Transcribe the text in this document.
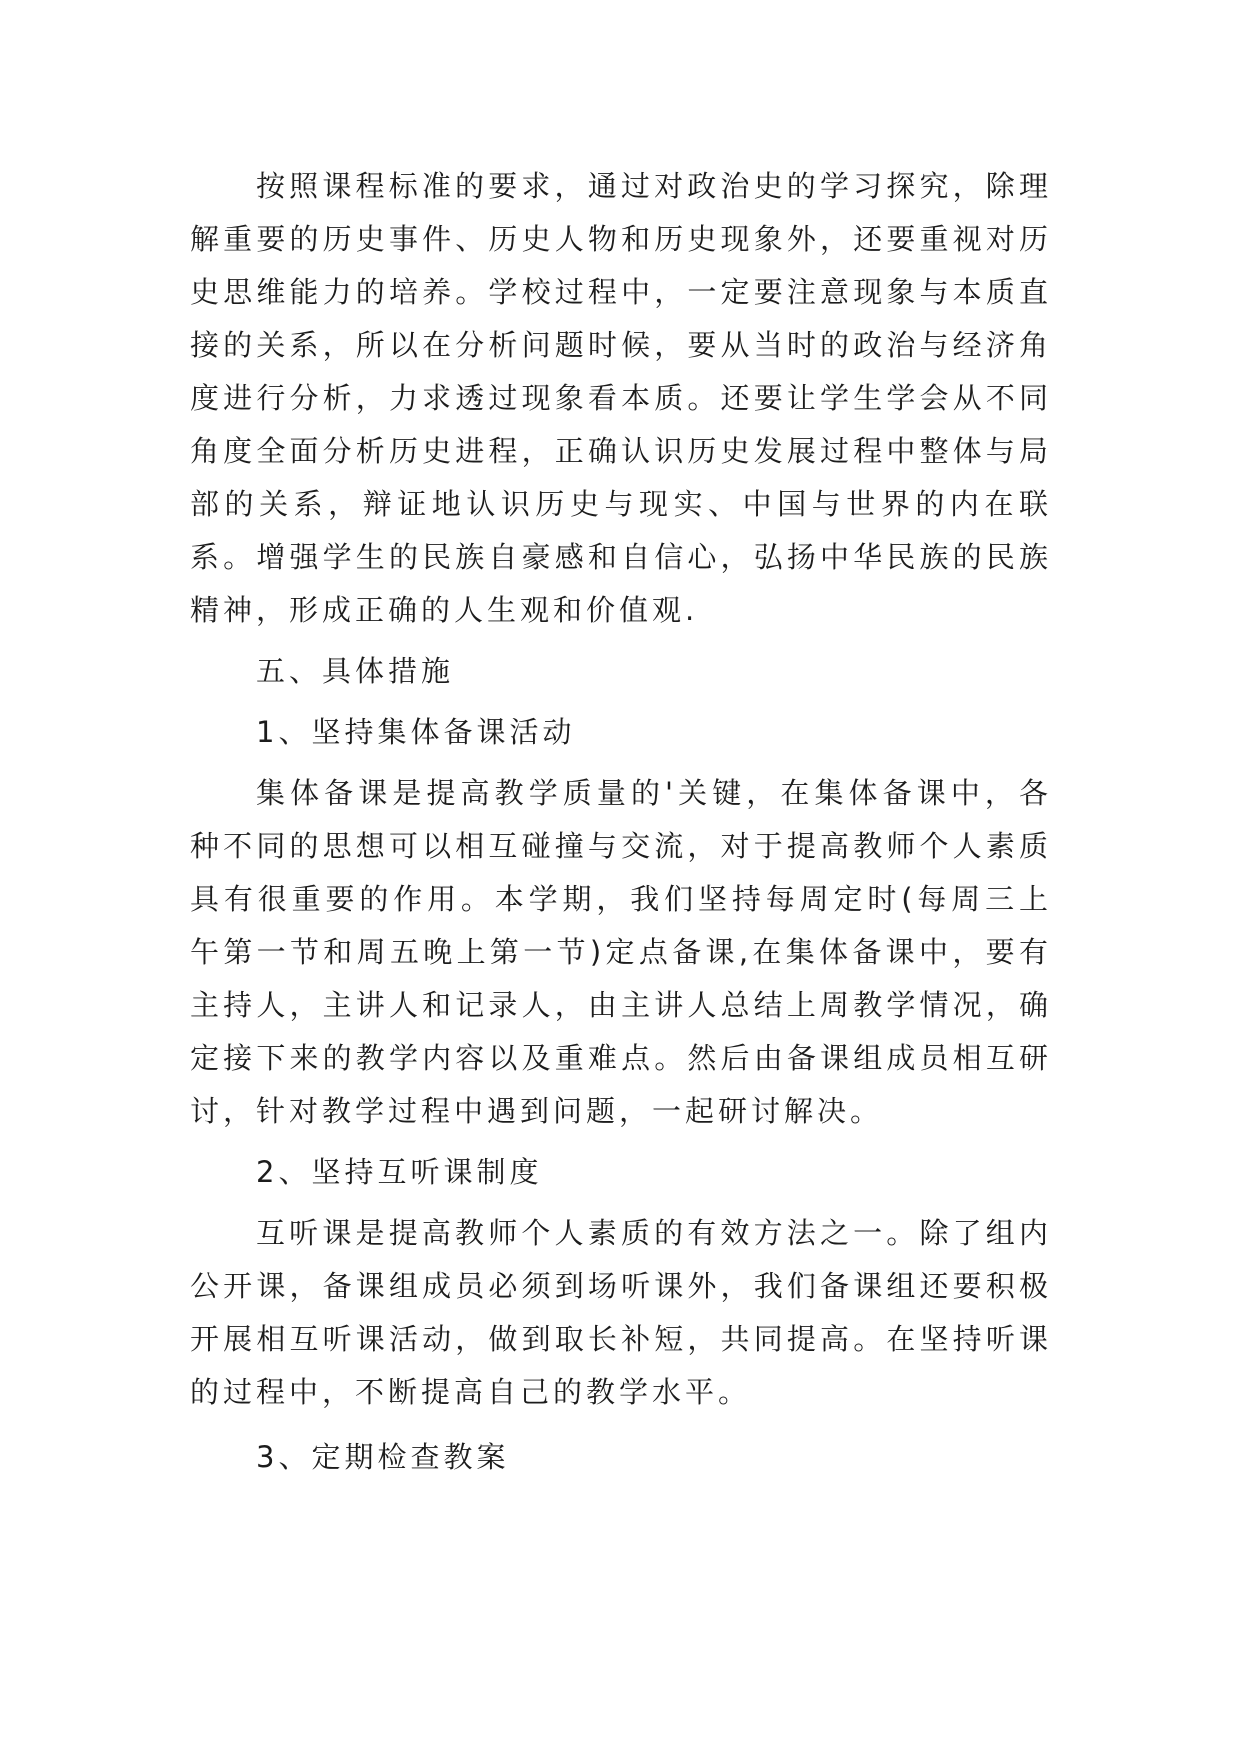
按照课程标准的要求，通过对政治史的学习探究，除理解重要的历史事件、历史人物和历史现象外，还要重视对历史思维能力的培养。学校过程中，一定要注意现象与本质直接的关系，所以在分析问题时候，要从当时的政治与经济角度进行分析，力求透过现象看本质。还要让学生学会从不同角度全面分析历史进程，正确认识历史发展过程中整体与局部的关系，辩证地认识历史与现实、中国与世界的内在联系。增强学生的民族自豪感和自信心，弘扬中华民族的民族精神，形成正确的人生观和价值观.

五、具体措施

1、坚持集体备课活动

集体备课是提高教学质量的'关键，在集体备课中，各种不同的思想可以相互碰撞与交流，对于提高教师个人素质具有很重要的作用。本学期，我们坚持每周定时(每周三上午第一节和周五晚上第一节)定点备课,在集体备课中，要有主持人，主讲人和记录人，由主讲人总结上周教学情况，确定接下来的教学内容以及重难点。然后由备课组成员相互研讨，针对教学过程中遇到问题，一起研讨解决。

2、坚持互听课制度

互听课是提高教师个人素质的有效方法之一。除了组内公开课，备课组成员必须到场听课外，我们备课组还要积极开展相互听课活动，做到取长补短，共同提高。在坚持听课的过程中，不断提高自己的教学水平。

3、定期检查教案
